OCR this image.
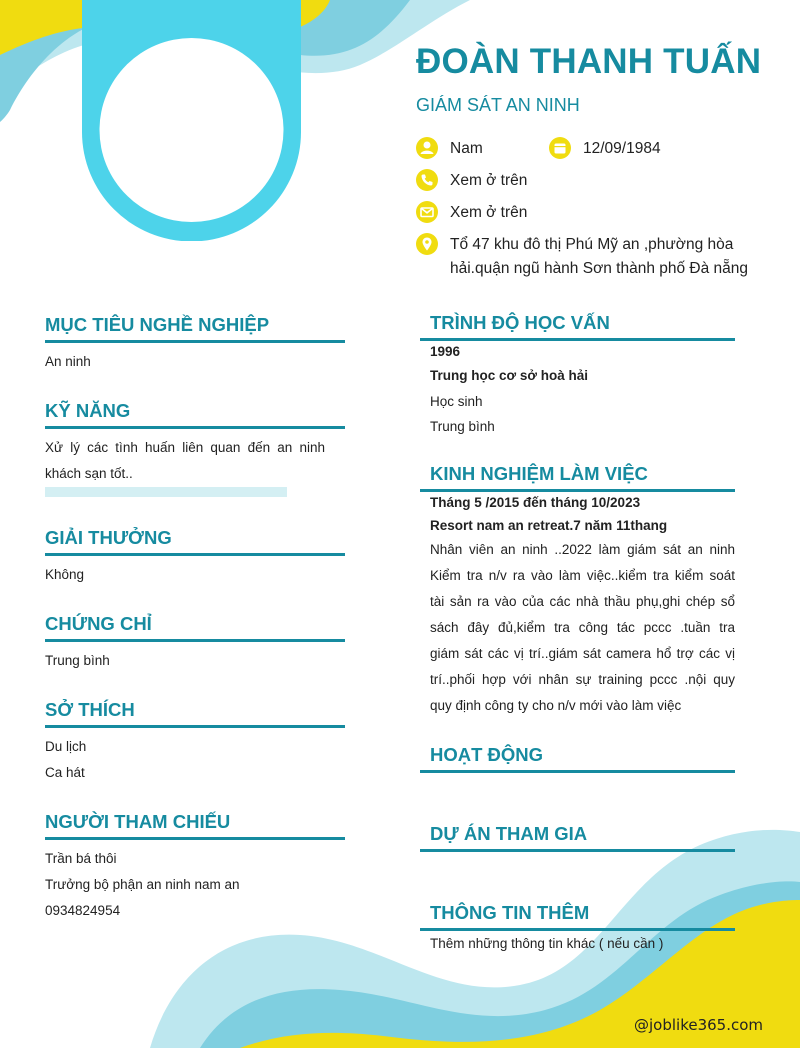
ĐOÀN THANH TUẤN
GIÁM SÁT AN NINH
Nam	12/09/1984
Xem ở trên
Xem ở trên
Tổ 47 khu đô thị Phú Mỹ an ,phường hòa
hải.quận ngũ hành Sơn thành phố Đà nẵng
MỤC TIÊU NGHỀ NGHIỆP
An ninh
KỸ NĂNG
Xử lý các tình huấn liên quan đến an ninh
khách sạn tốt..
GIẢI THƯỞNG
Không
CHỨNG CHỈ
Trung bình
SỞ THÍCH
Du lịch
Ca hát
NGƯỜI THAM CHIẾU
Trần bá thôi
Trưởng bộ phận an ninh nam an
0934824954
TRÌNH ĐỘ HỌC VẤN
1996
Trung học cơ sở hoà hải
Học sinh
Trung bình
KINH NGHIỆM LÀM VIỆC
Tháng 5 /2015 đến tháng 10/2023
Resort nam an retreat.7 năm 11thang
Nhân viên an ninh ..2022 làm giám sát an ninh
Kiểm tra n/v ra vào làm việc..kiểm tra kiểm soát
tài sản ra vào của các nhà thầu phụ,ghi chép sổ
sách đây đủ,kiểm tra công tác pccc .tuần tra
giám sát các vị trí..giám sát camera hổ trợ các vị
trí..phối hợp với nhân sự training pccc .nội quy
quy định công ty cho n/v mới vào làm việc
HOẠT ĐỘNG
DỰ ÁN THAM GIA
THÔNG TIN THÊM
Thêm những thông tin khác ( nếu cần )
@joblike365.com
